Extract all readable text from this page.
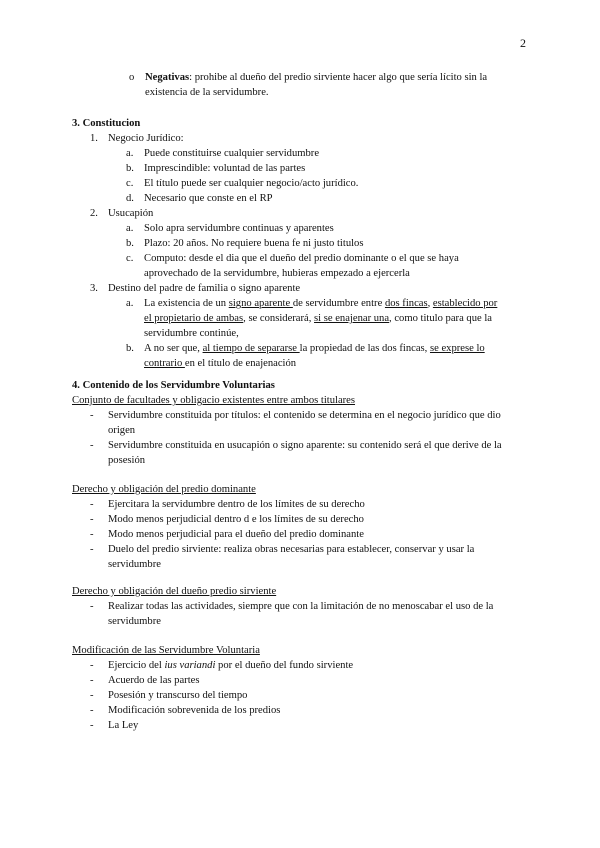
2
o Negativas: prohibe al dueño del predio sirviente hacer algo que sería lícito sin la existencia de la servidumbre.
3. Constitucion
1. Negocio Jurídico:
a. Puede constituirse cualquier servidumbre
b. Imprescindible: voluntad de las partes
c. El título puede ser cualquier negocio/acto jurídico.
d. Necesario que conste en el RP
2. Usucapión
a. Solo apra servidumbre continuas y aparentes
b. Plazo: 20 años. No requiere buena fe ni justo titulos
c. Computo: desde el dia que el dueño del predio dominante o el que se haya
aprovechado de la servidumbre, hubieras empezado a ejercerla
3. Destino del padre de familia o signo aparente
a. La existencia de un signo aparente de servidumbre entre dos fincas, establecido por
el propietario de ambas, se considerará, si se enajenar una, como titulo para que la
servidumbre continúe,
b. A no ser que, al tiempo de separarse la propiedad de las dos fincas, se exprese lo
contrario en el título de enajenación
4. Contenido de los Servidumbre Voluntarias
Conjunto de facultades y obligacio existentes entre ambos titulares
- Servidumbre constituida por títulos: el contenido se determina en el negocio jurídico que dio
origen
- Servidumbre constituida en usucapión o signo aparente: su contenido será el que derive de la
posesión
Derecho y obligación del predio dominante
- Ejercitara la servidumbre dentro de los límites de su derecho
- Modo menos perjudicial dentro d e los límites de su derecho
- Modo menos perjudicial para el dueño del predio dominante
- Duelo del predio sirviente: realiza obras necesarias para establecer, conservar y usar la
servidumbre
Derecho y obligación del dueño predio sirviente
- Realizar todas las actividades, siempre que con la limitación de no menoscabar el uso de la
servidumbre
Modificación de las Servidumbre Voluntaria
- Ejercicio del ius variandi por el dueño del fundo sirviente
- Acuerdo de las partes
- Posesión y transcurso del tiempo
- Modificación sobrevenida de los predios
- La Ley
